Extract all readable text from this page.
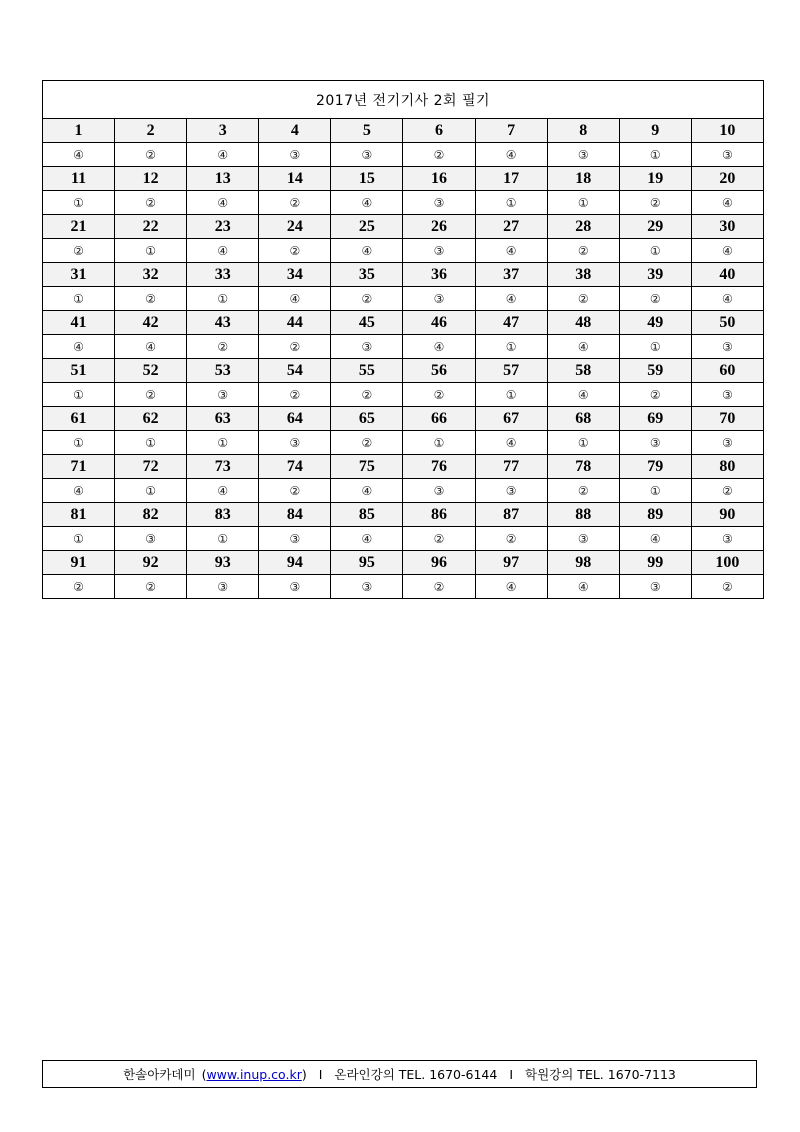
2017년 전기기사 2회 필기									
1	2	3	4	5	6	7	8	9	10
④	②	④	③	③	②	④	③	①	③
11	12	13	14	15	16	17	18	19	20
①	②	④	②	④	③	①	①	②	④
21	22	23	24	25	26	27	28	29	30
②	①	④	②	④	③	④	②	①	④
31	32	33	34	35	36	37	38	39	40
①	②	①	④	②	③	④	②	②	④
41	42	43	44	45	46	47	48	49	50
④	④	②	②	③	④	①	④	①	③
51	52	53	54	55	56	57	58	59	60
①	②	③	②	②	②	①	④	②	③
61	62	63	64	65	66	67	68	69	70
①	①	①	③	②	①	④	①	③	③
71	72	73	74	75	76	77	78	79	80
④	①	④	②	④	③	③	②	①	②
81	82	83	84	85	86	87	88	89	90
①	③	①	③	④	②	②	③	④	③
91	92	93	94	95	96	97	98	99	100
②	②	③	③	③	②	④	④	③	②
한솔아카데미 ( www.inup.co.kr ) I 온라인강의 TEL. 1670-6144 I 학원강의 TEL. 1670-7113
